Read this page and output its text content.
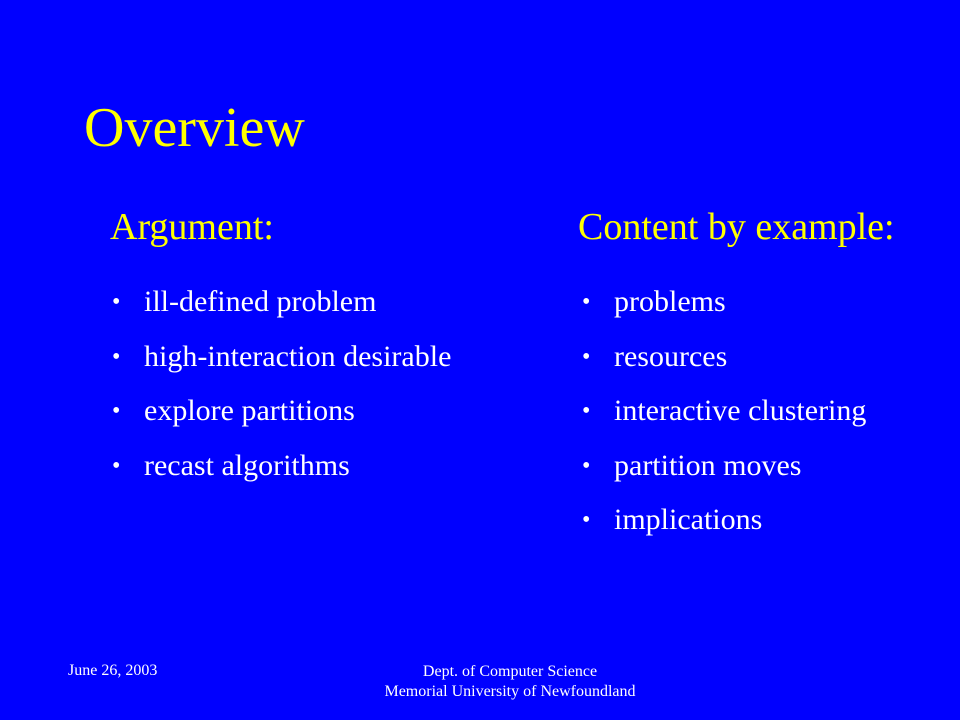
Overview
Argument:	Content by example:
• ill-defined problem
• high-interaction desirable
• explore partitions
• recast algorithms
• problems
• resources
• interactive clustering
• partition moves
• implications
June 26, 2003	Dept. of Computer Science
Memorial University of Newfoundland
